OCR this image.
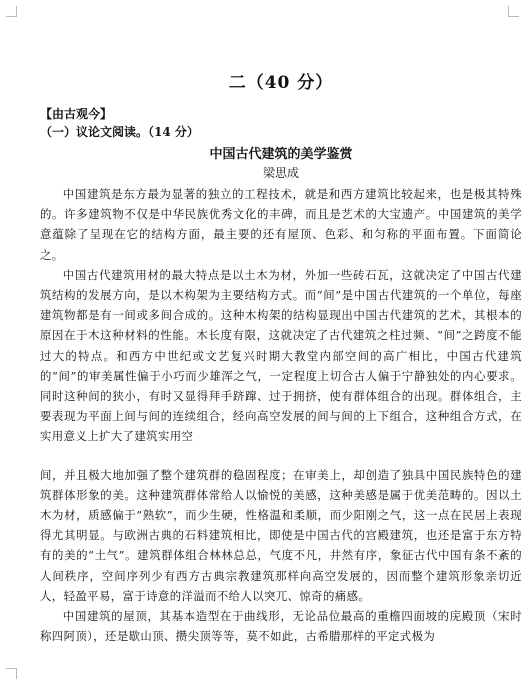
二（40 分）
【由古观今】
（一）议论文阅读。（14 分）
中国古代建筑的美学鉴赏
梁思成

中国建筑是东方最为显著的独立的工程技术，就是和西方建筑比较起来，也是极其特殊的。许多建筑物不仅是中华民族优秀文化的丰碑，而且是艺术的大宝遗产。中国建筑的美学意蕴除了呈现在它的结构方面，最主要的还有屋顶、色彩、和匀称的平面布置。下面简论之。

中国古代建筑用材的最大特点是以土木为材，外加一些砖石瓦，这就决定了中国古代建筑结构的发展方向，是以木构架为主要结构方式。而“间”是中国古代建筑的一个单位，每座建筑物都是有一间或多间合成的。这种木构架的结构显现出中国古代建筑的艺术，其根本的原因在于木这种材料的性能。木长度有限，这就决定了古代建筑之柱过频、“间”之跨度不能过大的特点。和西方中世纪或文艺复兴时期大教堂内部空间的高广相比，中国古代建筑的“间”的审美属性偏于小巧而少雄浑之气，一定程度上切合古人偏于宁静独处的内心要求。同时这种间的狭小，有时又显得拜手跻蹿、过于拥挤，使有群体组合的出现。群体组合，主要表现为平面上间与间的连续组合，经向高空发展的间与间的上下组合，这种组合方式，在实用意义上扩大了建筑实用空

间，并且极大地加强了整个建筑群的稳固程度；在审美上，却创造了独具中国民族特色的建筑群体形象的美。这种建筑群体常给人以愉悦的美感，这种美感是属于优美范畴的。因以土木为材，质感偏于“熟软”，而少生硬，性格温和柔顺，而少阳刚之气，这一点在民居上表现得尤其明显。与欧洲古典的石料建筑相比，即使是中国古代的宫殿建筑，也还是富于东方特有的美的“土气”。建筑群体组合林林总总，气度不凡，井然有序，象征古代中国有条不紊的人间秩序，空间序列少有西方古典宗教建筑那样向高空发展的，因而整个建筑形象亲切近人，轻盈平易，富于诗意的洋溢而不给人以突兀、惊奇的痛感。

中国建筑的屋顶，其基本造型在于曲线形，无论品位最高的重檐四面坡的庑殿顶（宋时称四阿顶），还是歇山顶、攒尖顶等等，莫不如此，古希腊那样的平定式极为
